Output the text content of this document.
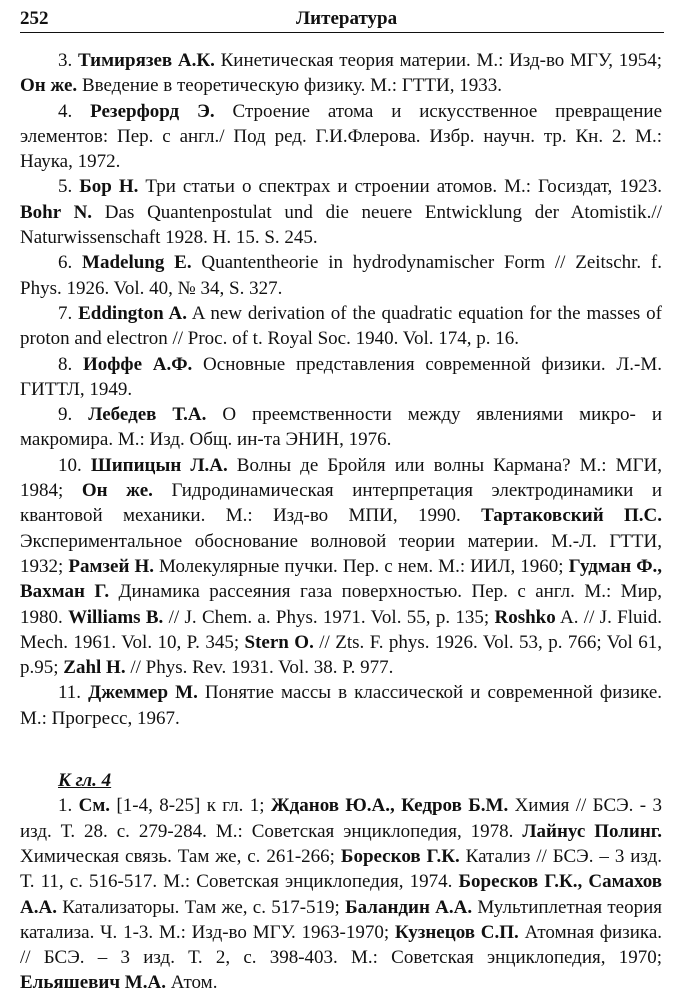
252	Литература

3. Тимирязев А.К. Кинетическая теория материи. М.: Изд-во МГУ, 1954; Он же. Введение в теоретическую физику. М.: ГТТИ, 1933.

4. Резерфорд Э. Строение атома и искусственное превращение элементов: Пер. с англ./ Под ред. Г.И.Флерова. Избр. научн. тр. Кн. 2. М.: Наука, 1972.

5. Бор Н. Три статьи о спектрах и строении атомов. М.: Госиздат, 1923. Bohr N. Das Quantenpostulat und die neuere Entwicklung der Atomistik.// Naturwissenschaft 1928. H. 15. S. 245.

6. Madelung E. Quantentheorie in hydrodynamischer Form // Zeitschr. f. Phys. 1926. Vol. 40, № 34, S. 327.

7. Eddington A. A new derivation of the quadratic equation for the masses of proton and electron // Proc. of t. Royal Soc. 1940. Vol. 174, p. 16.

8. Иоффе А.Ф. Основные представления современной физики. Л.-М. ГИТТЛ, 1949.

9. Лебедев Т.А. О преемственности между явлениями микро- и макромира. М.: Изд. Общ. ин-та ЭНИН, 1976.

10. Шипицын Л.А. Волны де Бройля или волны Кармана? М.: МГИ, 1984; Он же. Гидродинамическая интерпретация электродинамики и квантовой механики. М.: Изд-во МПИ, 1990. Тартаковский П.С. Экспериментальное обоснование волновой теории материи. М.-Л. ГТТИ, 1932; Рамзей Н. Молекулярные пучки. Пер. с нем. М.: ИИЛ, 1960; Гудман Ф., Вахман Г. Динамика рассеяния газа поверхностью. Пер. с англ. М.: Мир, 1980. Williams B. // J. Chem. a. Phys. 1971. Vol. 55, p. 135; Roshko A. // J. Fluid. Mech. 1961. Vol. 10, P. 345; Stern O. // Zts. F. phys. 1926. Vol. 53, p. 766; Vol 61, p.95; Zahl H. // Phys. Rev. 1931. Vol. 38. P. 977.

11. Джеммер М. Понятие массы в классической и современной физике. М.: Прогресс, 1967.

К гл. 4

1. См. [1-4, 8-25] к гл. 1; Жданов Ю.А., Кедров Б.М. Химия // БСЭ. - 3 изд. Т. 28. с. 279-284. М.: Советская энциклопедия, 1978. Лайнус Полинг. Химическая связь. Там же, с. 261-266; Боресков Г.К. Катализ // БСЭ. – 3 изд. Т. 11, с. 516-517. М.: Советская энциклопедия, 1974. Боресков Г.К., Самахов А.А. Катализаторы. Там же, с. 517-519; Баландин А.А. Мультиплетная теория катализа. Ч. 1-3. М.: Изд-во МГУ. 1963-1970; Кузнецов С.П. Атомная физика. // БСЭ. – 3 изд. Т. 2, с. 398-403. М.: Советская энциклопедия, 1970; Ельяшевич М.А. Атом.
